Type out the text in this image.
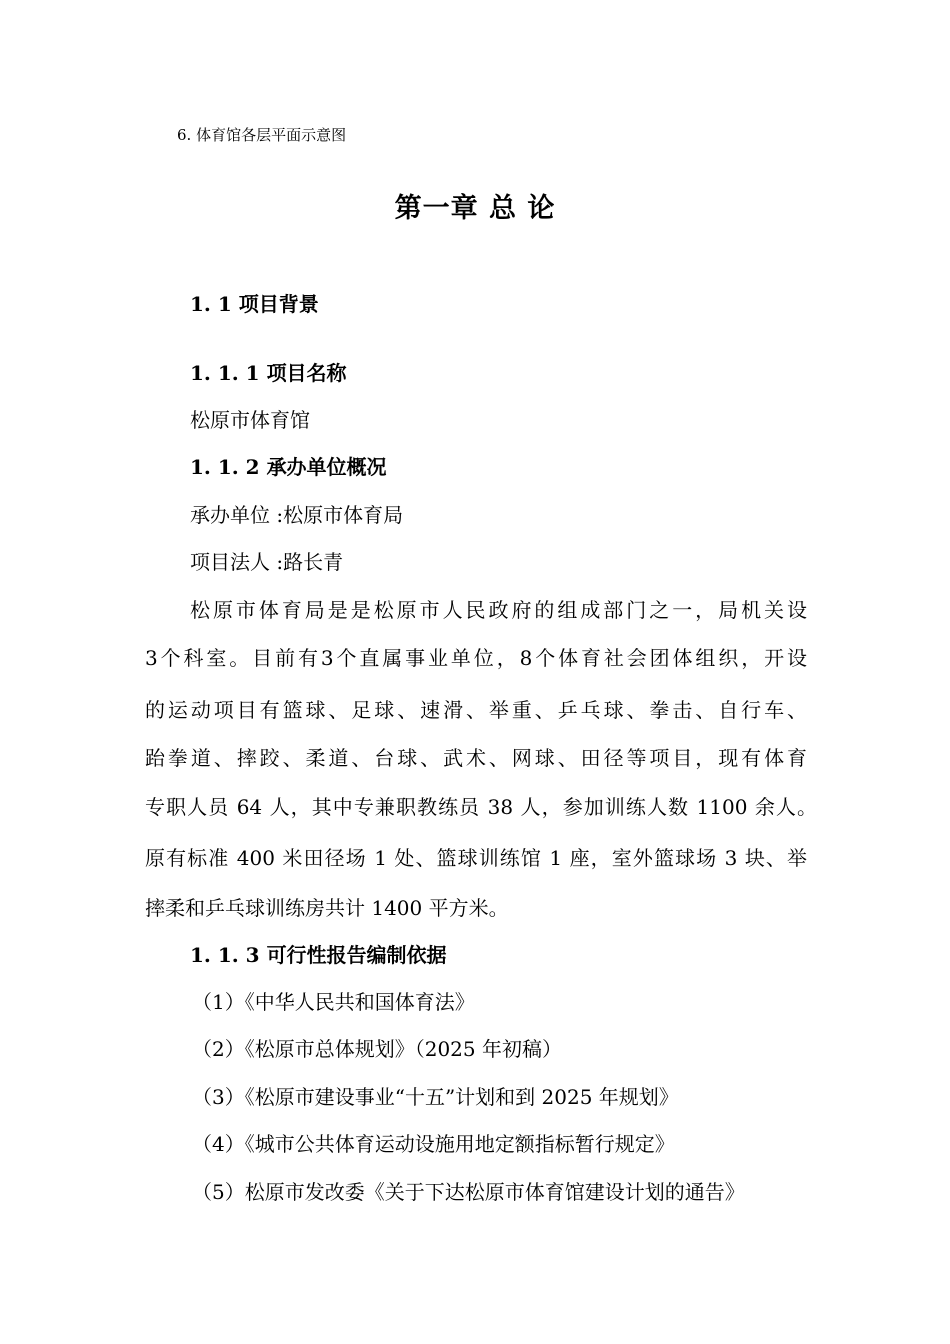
6. 体育馆各层平面示意图
第一章 总 论
1. 1 项目背景
1. 1. 1 项目名称
松原市体育馆
1. 1. 2 承办单位概况
承办单位 :松原市体育局
项目法人 :路长青
松原市体育局是是松原市人民政府的组成部门之一，局机关设
3个科室。目前有3个直属事业单位，8个体育社会团体组织，开设
的运动项目有篮球、足球、速滑、举重、乒乓球、拳击、自行车、
跆拳道、摔跤、柔道、台球、武术、网球、田径等项目，现有体育
专职人员 64 人，其中专兼职教练员 38 人，参加训练人数 1100 余人。
原有标准 400 米田径场 1 处、篮球训练馆 1 座，室外篮球场 3 块、举
摔柔和乒乓球训练房共计 1400 平方米。
1. 1. 3 可行性报告编制依据
（1）《中华人民共和国体育法》
（2）《松原市总体规划》（2025 年初稿）
（3）《松原市建设事业“十五”计划和到 2025 年规划》
（4）《城市公共体育运动设施用地定额指标暂行规定》
（5）松原市发改委《关于下达松原市体育馆建设计划的通告》
